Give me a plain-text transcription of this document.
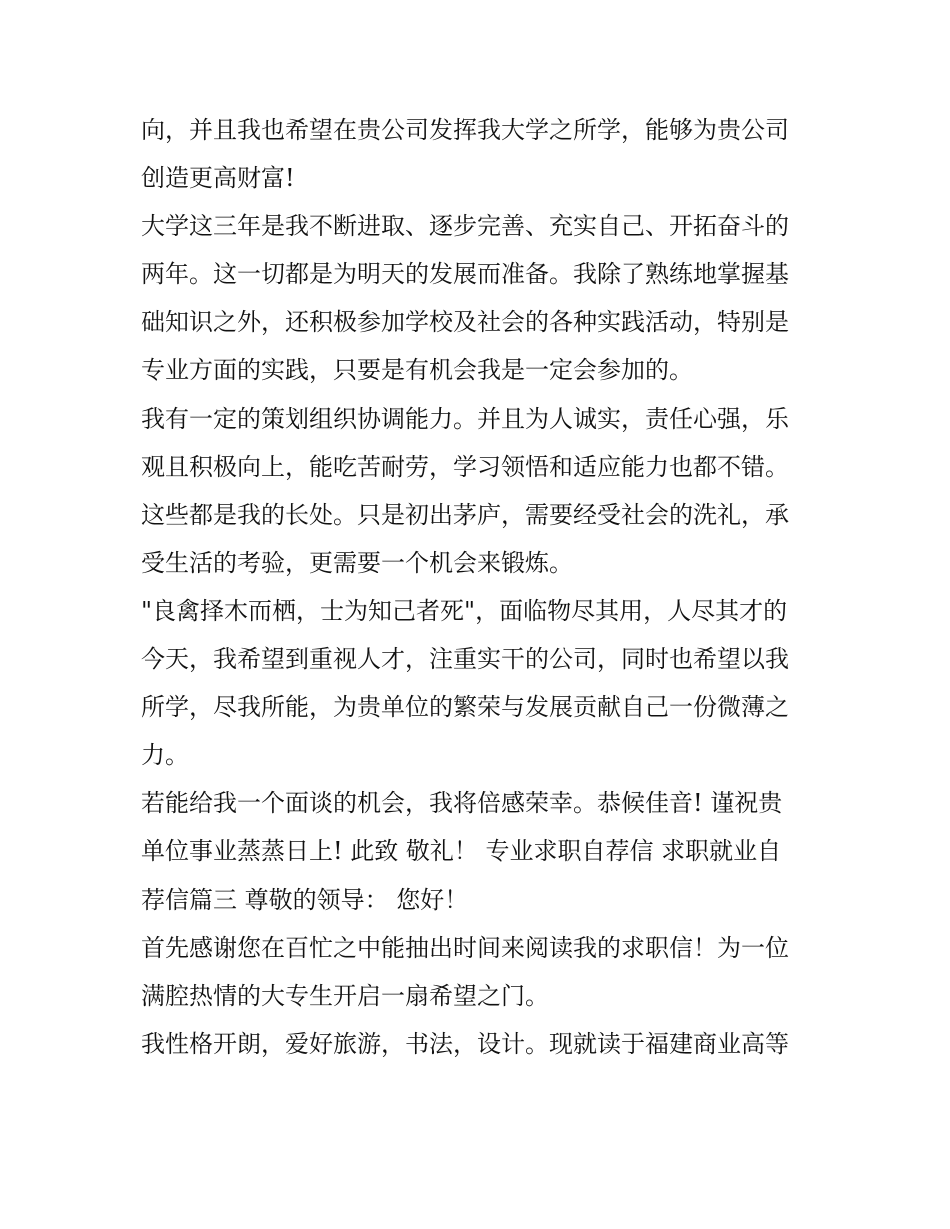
向，并且我也希望在贵公司发挥我大学之所学，能够为贵公司
创造更高财富!
大学这三年是我不断进取、逐步完善、充实自己、开拓奋斗的
两年。这一切都是为明天的发展而准备。我除了熟练地掌握基
础知识之外，还积极参加学校及社会的各种实践活动，特别是
专业方面的实践，只要是有机会我是一定会参加的。
我有一定的策划组织协调能力。并且为人诚实，责任心强，乐
观且积极向上，能吃苦耐劳，学习领悟和适应能力也都不错。
这些都是我的长处。只是初出茅庐，需要经受社会的洗礼，承
受生活的考验，更需要一个机会来锻炼。
"良禽择木而栖，士为知己者死"，面临物尽其用，人尽其才的
今天，我希望到重视人才，注重实干的公司，同时也希望以我
所学，尽我所能，为贵单位的繁荣与发展贡献自己一份微薄之
力。
若能给我一个面谈的机会，我将倍感荣幸。恭候佳音! 谨祝贵
单位事业蒸蒸日上! 此致 敬礼！ 专业求职自荐信 求职就业自
荐信篇三 尊敬的领导： 您好！
首先感谢您在百忙之中能抽出时间来阅读我的求职信！为一位
满腔热情的大专生开启一扇希望之门。
我性格开朗，爱好旅游，书法，设计。现就读于福建商业高等
